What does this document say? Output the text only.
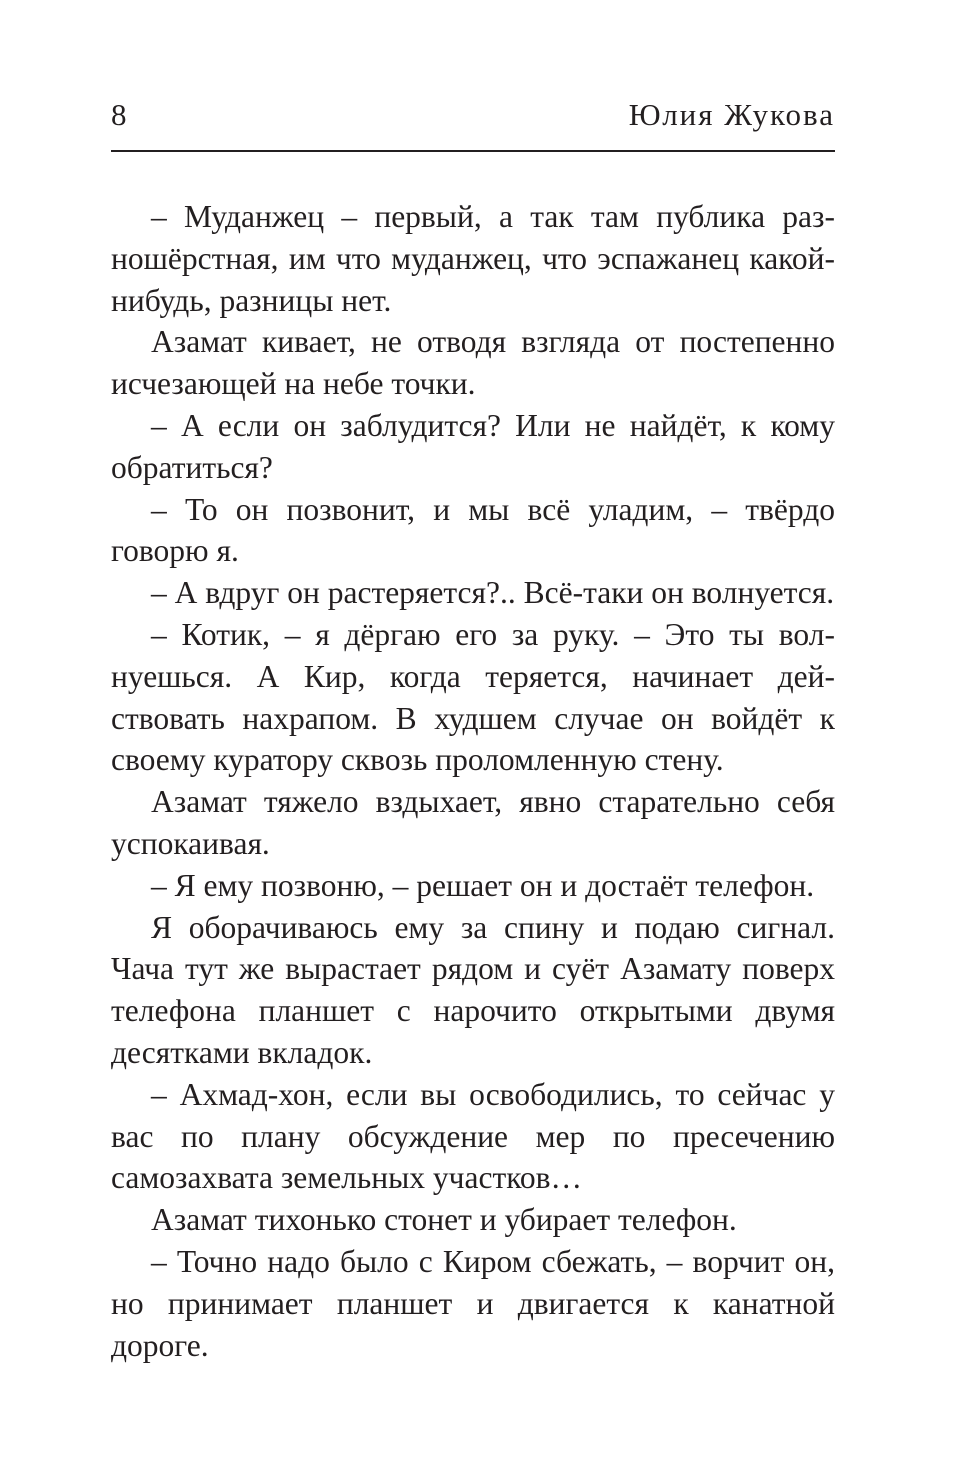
8	Юлия Жукова

– Муданжец – первый, а так там публика разношёрстная, им что муданжец, что эспажанец какой-нибудь, разницы нет.

Азамат кивает, не отводя взгляда от постепенно исчезающей на небе точки.

– А если он заблудится? Или не найдёт, к кому обратиться?

– То он позвонит, и мы всё уладим, – твёрдо говорю я.

– А вдруг он растеряется?.. Всё-таки он волнуется.

– Котик, – я дёргаю его за руку. – Это ты волнуешься. А Кир, когда теряется, начинает действовать нахрапом. В худшем случае он войдёт к своему куратору сквозь проломленную стену.

Азамат тяжело вздыхает, явно старательно себя успокаивая.

– Я ему позвоню, – решает он и достаёт телефон.

Я оборачиваюсь ему за спину и подаю сигнал. Чача тут же вырастает рядом и суёт Азамату поверх телефона планшет с нарочито открытыми двумя десятками вкладок.

– Ахмад-хон, если вы освободились, то сейчас у вас по плану обсуждение мер по пресечению самозахвата земельных участков…

Азамат тихонько стонет и убирает телефон.

– Точно надо было с Киром сбежать, – ворчит он, но принимает планшет и двигается к канатной дороге.
